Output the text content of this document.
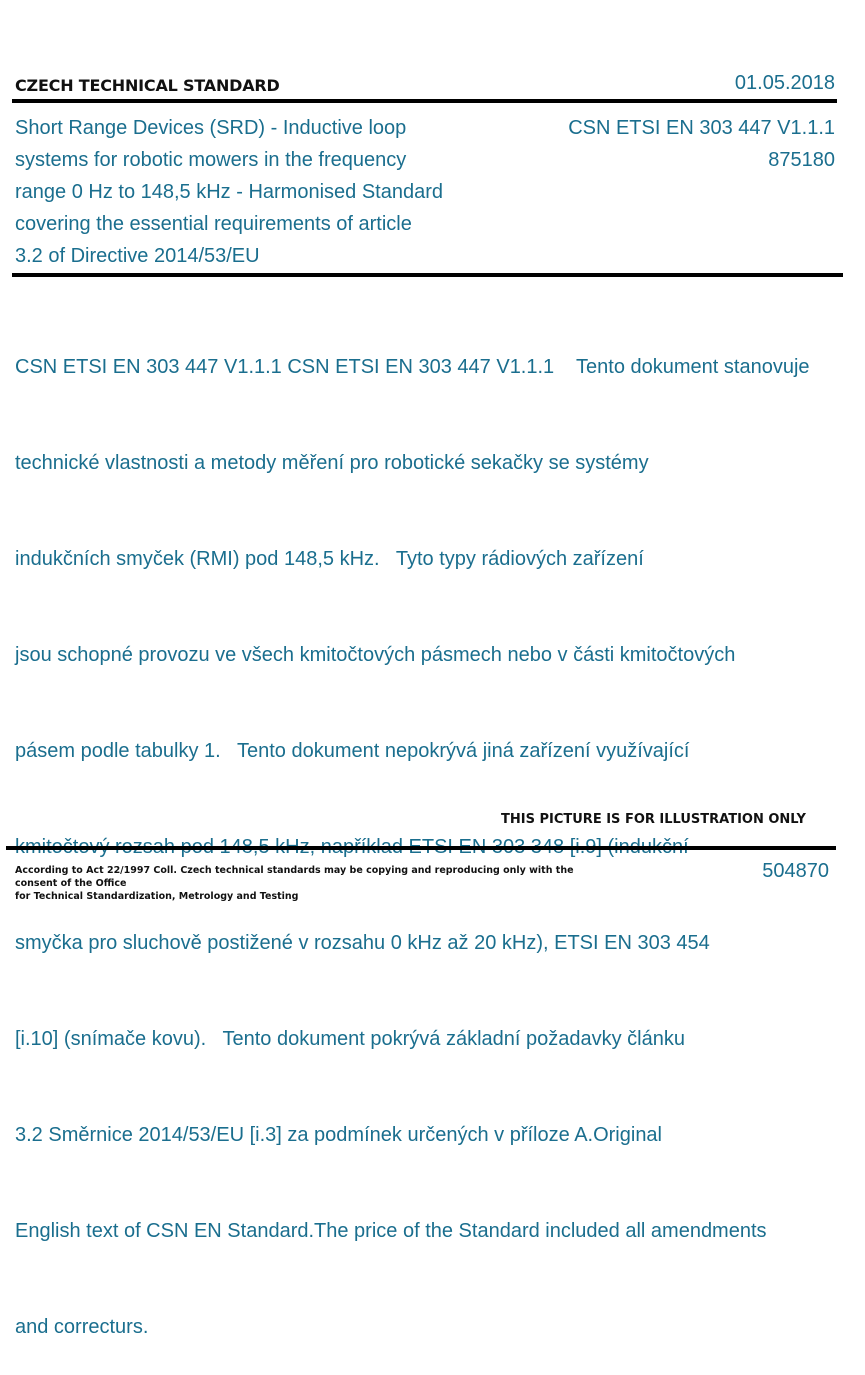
CZECH TECHNICAL STANDARD	01.05.2018
Short Range Devices (SRD) - Inductive loop
systems for robotic mowers in the frequency
range 0 Hz to 148,5 kHz - Harmonised Standard
covering the essential requirements of article
3.2 of Directive 2014/53/EU
CSN ETSI EN 303 447 V1.1.1
875180

CSN ETSI EN 303 447 V1.1.1 CSN ETSI EN 303 447 V1.1.1    Tento dokument stanovuje

technické vlastnosti a metody měření pro robotické sekačky se systémy

indukčních smyček (RMI) pod 148,5 kHz.   Tyto typy rádiových zařízení

jsou schopné provozu ve všech kmitočtových pásmech nebo v části kmitočtových

pásem podle tabulky 1.   Tento dokument nepokrývá jiná zařízení využívající

smyčka pro sluchově postižené v rozsahu 0 kHz až 20 kHz), ETSI EN 303 454

[i.10] (snímače kovu).   Tento dokument pokrývá základní požadavky článku

3.2 Směrnice 2014/53/EU [i.3] za podmínek určených v příloze A.Original

English text of CSN EN Standard.The price of the Standard included all amendments

and correcturs.

THIS PICTURE IS FOR ILLUSTRATION ONLY
According to Act 22/1997 Coll. Czech technical standards may be copying and reproducing only with the consent of the Office
for Technical Standardization, Metrology and Testing
504870
